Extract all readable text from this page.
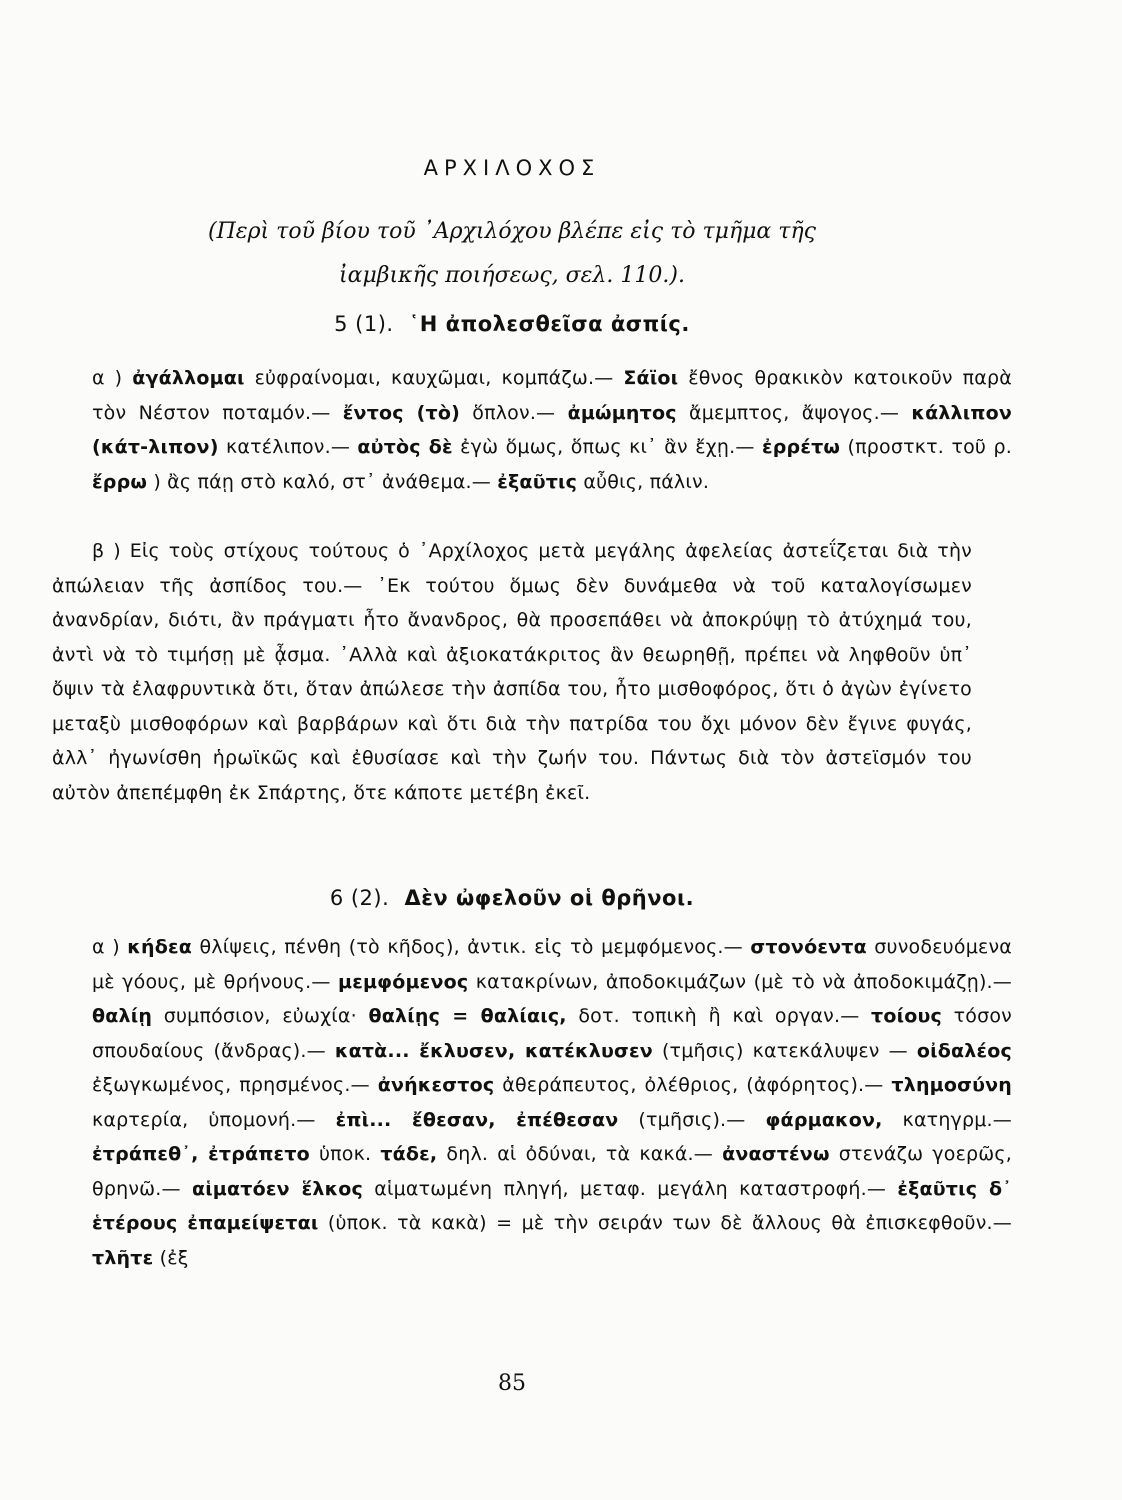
ΑΡΧΙΛΟΧΟΣ
(Περὶ τοῦ βίου τοῦ ᾿Αρχιλόχου βλέπε εἰς τὸ τμῆμα τῆς
ἰαμβικῆς ποιήσεως, σελ. 110.).
5 (1). ῾Η ἀπολεσθεῖσα ἀσπίς.
α ) ἀγάλλομαι εὐφραίνομαι, καυχῶμαι, κομπάζω.— Σάϊοι ἔθνος θρακικὸν κατοικοῦν παρὰ τὸν Νέστον ποταμόν.— ἔντος (τὸ) ὅπλον.— ἀμώμητος ἄμεμπτος, ἄψογος.— κάλλιπον (κάτ-λιπον) κατέλιπον.— αὐτὸς δὲ ἐγὼ ὅμως, ὅπως κι᾿ ἂν ἔχῃ.— ἐρρέτω (προστκτ. τοῦ ρ. ἔρρω ) ἂς πάῃ στὸ καλό, στ᾿ ἀνάθεμα.— ἐξαῦτις αὖθις, πάλιν.
β ) Εἰς τοὺς στίχους τούτους ὁ ᾿Αρχίλοχος μετὰ μεγάλης ἀφελείας ἀστεΐζεται διὰ τὴν ἀπώλειαν τῆς ἀσπίδος του.— ᾿Εκ τούτου ὅμως δὲν δυνάμεθα νὰ τοῦ καταλογίσωμεν ἀνανδρίαν, διότι, ἂν πράγματι ἦτο ἄνανδρος, θὰ προσεπάθει νὰ ἀποκρύψῃ τὸ ἀτύχημά του, ἀντὶ νὰ τὸ τιμήσῃ μὲ ᾆσμα. ᾿Αλλὰ καὶ ἀξιοκατάκριτος ἂν θεωρηθῇ, πρέπει νὰ ληφθοῦν ὑπ᾿ ὄψιν τὰ ἐλαφρυντικὰ ὅτι, ὅταν ἀπώλεσε τὴν ἀσπίδα του, ἦτο μισθοφόρος, ὅτι ὁ ἀγὼν ἐγίνετο μεταξὺ μισθοφόρων καὶ βαρβάρων καὶ ὅτι διὰ τὴν πατρίδα του ὄχι μόνον δὲν ἔγινε φυγάς, ἀλλ᾿ ἠγωνίσθη ἡρωϊκῶς καὶ ἐθυσίασε καὶ τὴν ζωήν του. Πάντως διὰ τὸν ἀστεϊσμόν του αὐτὸν ἀπεπέμφθη ἐκ Σπάρτης, ὅτε κάποτε μετέβη ἐκεῖ.
6 (2). Δὲν ὠφελοῦν οἱ θρῆνοι.
α ) κήδεα θλίψεις, πένθη (τὸ κῆδος), ἀντικ. εἰς τὸ μεμφόμενος.— στονόεντα συνοδευόμενα μὲ γόους, μὲ θρήνους.— μεμφόμενος κατακρίνων, ἀποδοκιμάζων (μὲ τὸ νὰ ἀποδοκιμάζῃ).— θαλίῃ συμπόσιον, εὐωχία· θαλίῃς = θαλίαις, δοτ. τοπικὴ ἢ καὶ οργαν.— τοίους τόσον σπουδαίους (ἄνδρας).— κατὰ... ἔκλυσεν, κατέκλυσεν (τμῆσις) κατεκάλυψεν — οἰδαλέος ἐξωγκωμένος, πρησμένος.— ἀνήκεστος ἀθεράπευτος, ὀλέθριος, (ἀφόρητος).— τλημοσύνη καρτερία, ὑπομονή.— ἐπὶ... ἔθεσαν, ἐπέθεσαν (τμῆσις).— φάρμακον, κατηγρμ.— ἐτράπεθ᾿, ἐτράπετο ὑποκ. τάδε, δηλ. αἱ ὀδύναι, τὰ κακά.— ἀναστένω στενάζω γοερῶς, θρηνῶ.— αἱματόεν ἕλκος αἱματωμένη πληγή, μεταφ. μεγάλη καταστροφή.— ἐξαῦτις δ᾿ ἑτέρους ἐπαμείψεται (ὑποκ. τὰ κακὰ) = μὲ τὴν σειράν των δὲ ἄλλους θὰ ἐπισκεφθοῦν.— τλῆτε (ἐξ
85
